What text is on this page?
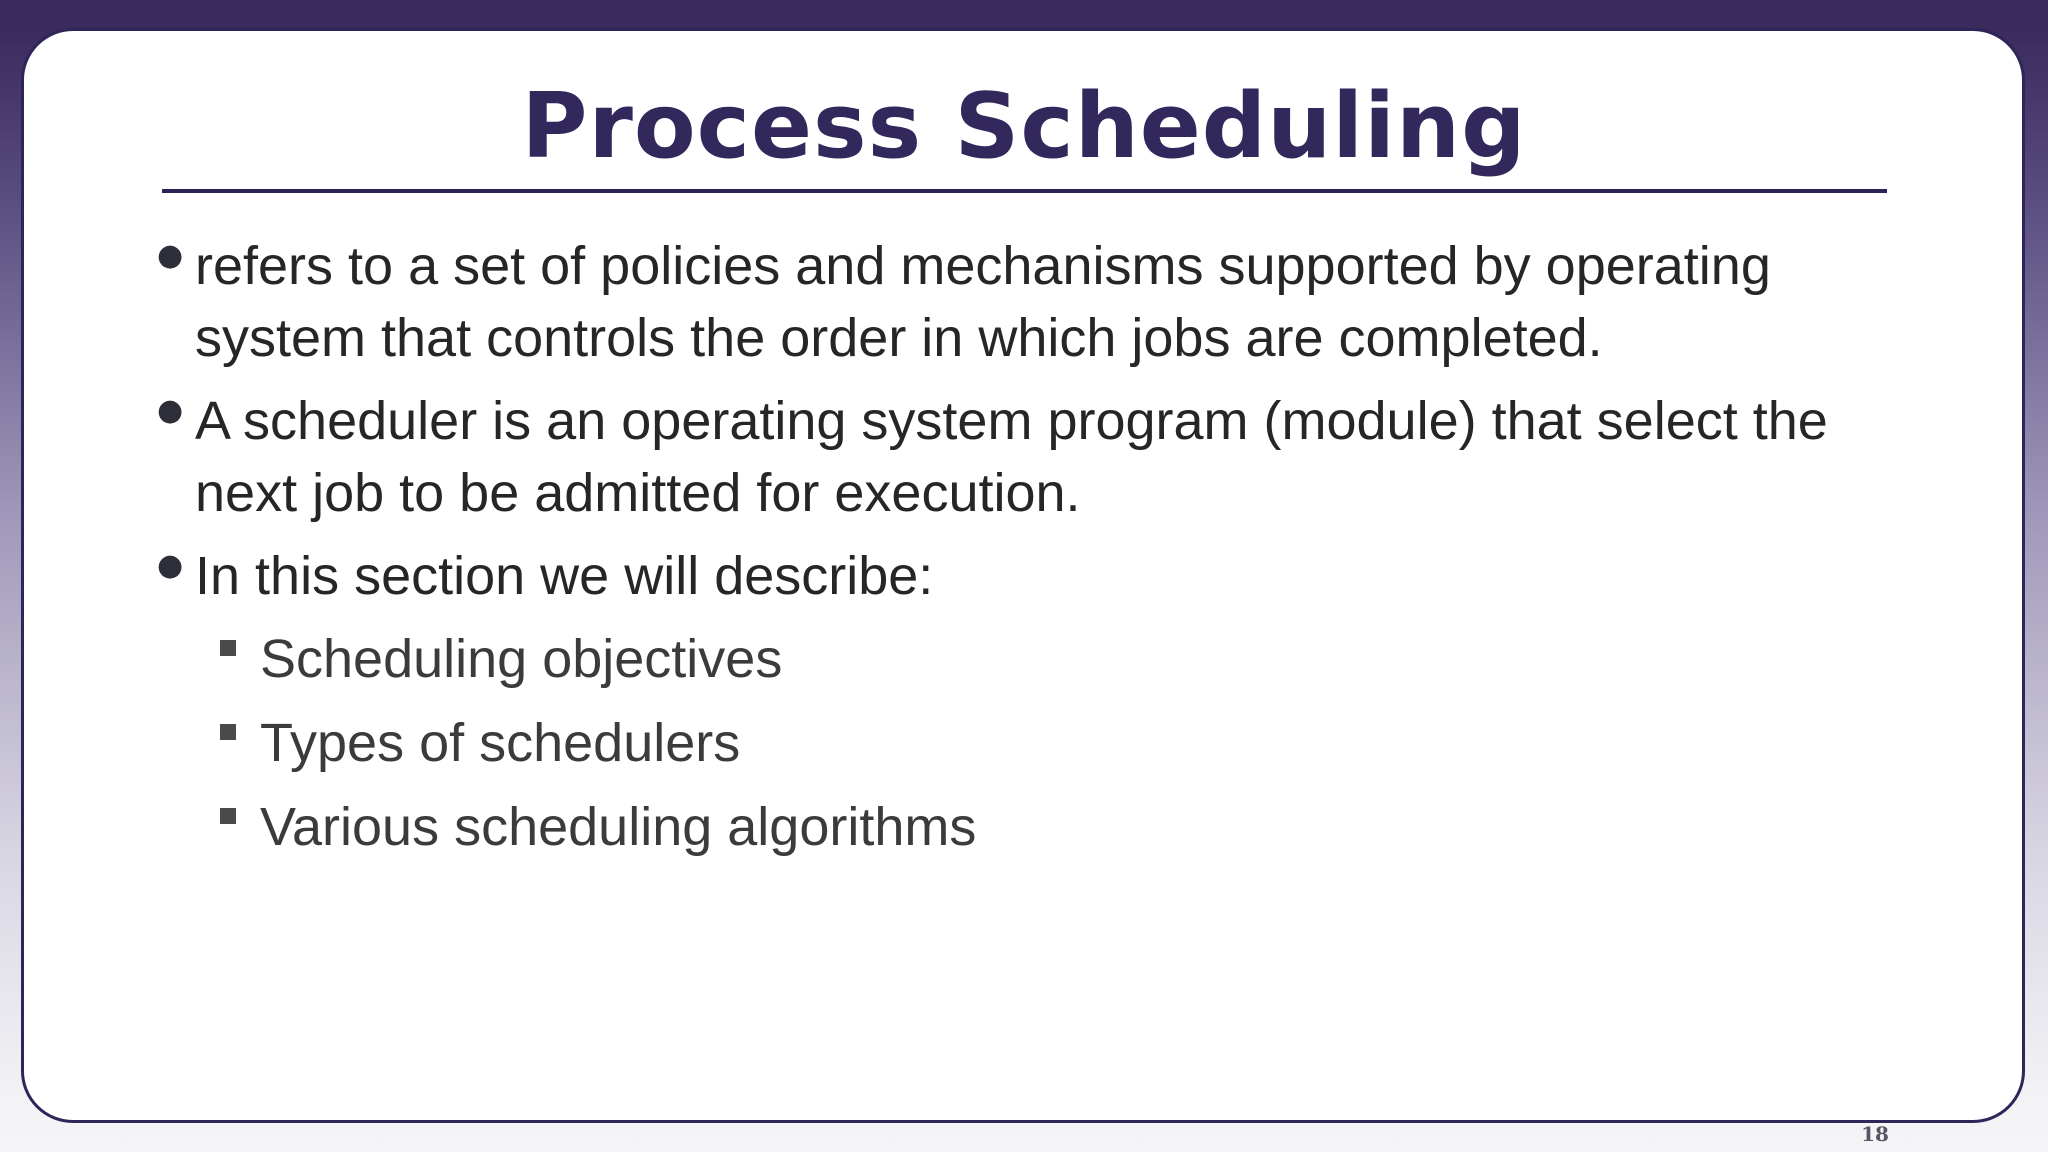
Process Scheduling
● refers to a set of policies and mechanisms supported by operating
system that controls the order in which jobs are completed.
● A scheduler is an operating system program (module) that select the
next job to be admitted for execution.
● In this section we will describe:
Scheduling objectives
Types of schedulers
Various scheduling algorithms
18
